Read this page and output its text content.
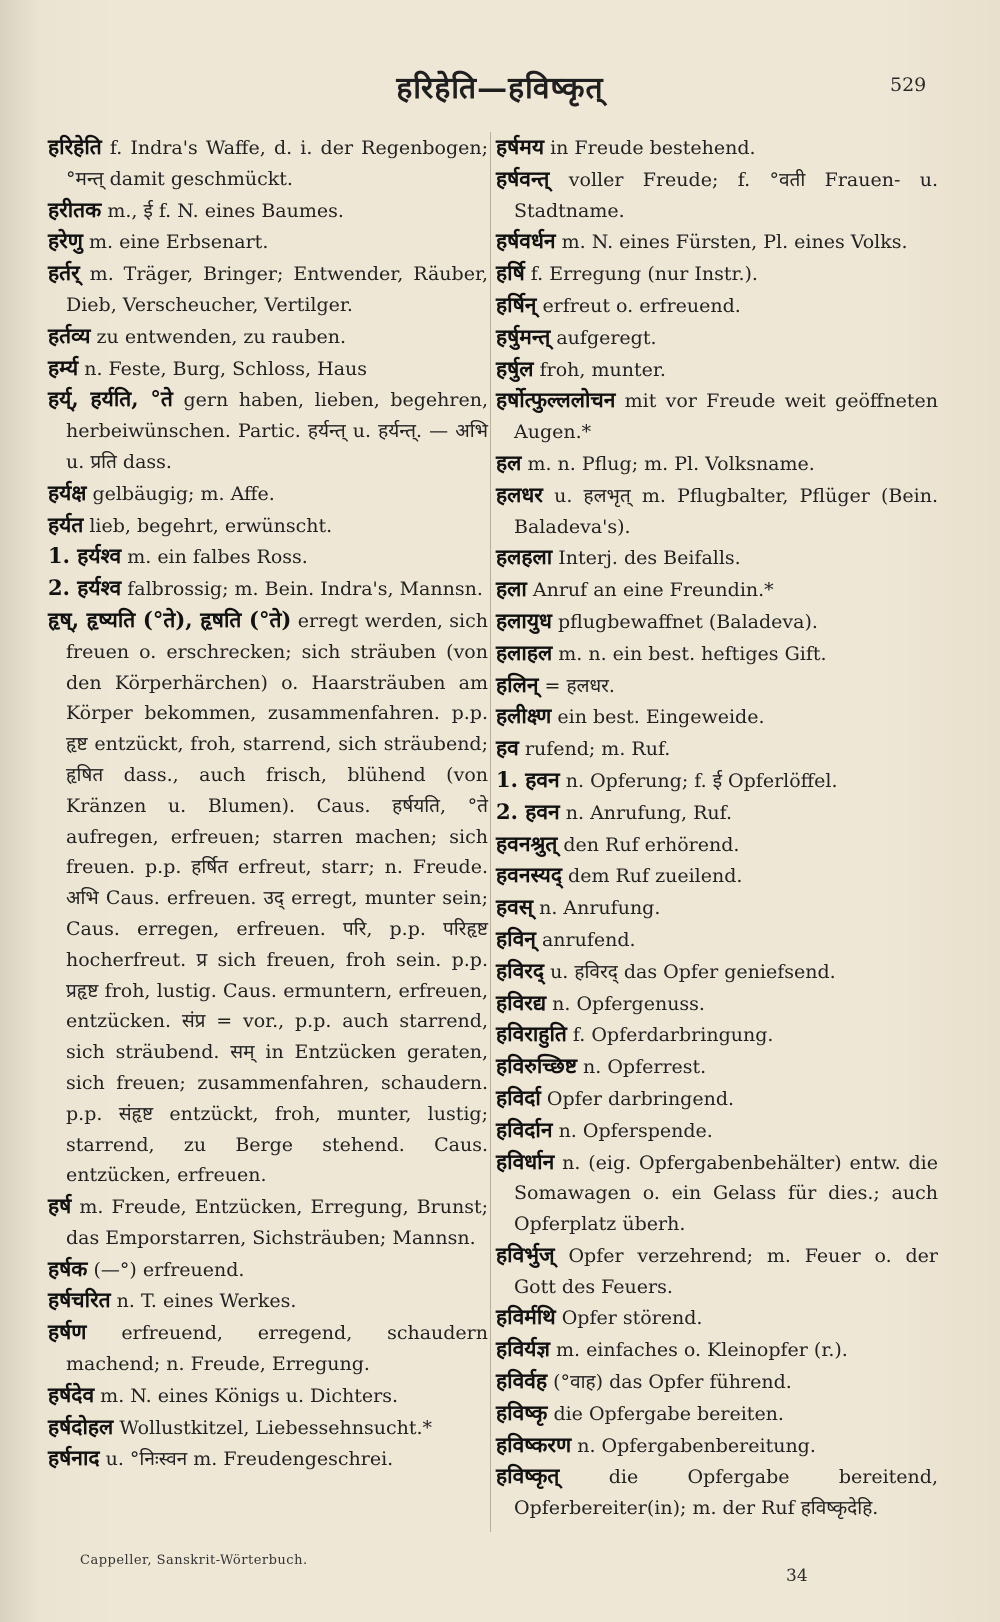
हरिहेति—हविष्कृत्	529

हरिहेति f. Indra's Waffe, d. i. der Regenbogen; °मन्त् damit geschmückt.

हरीतक m., ई f. N. eines Baumes.

हरेणु m. eine Erbsenart.

हर्तर् m. Träger, Bringer; Entwender, Räuber, Dieb, Verscheucher, Vertilger.

हर्तव्य zu entwenden, zu rauben.

हर्म्य n. Feste, Burg, Schloss, Haus

हर्य्, हर्यति, °ते gern haben, lieben, begehren, herbeiwünschen. Partic. हर्यन्त् u. हर्यन्त्. — अभि u. प्रति dass.

हर्यक्ष gelbäugig; m. Affe.

हर्यत lieb, begehrt, erwünscht.

1. हर्यश्व m. ein falbes Ross.

2. हर्यश्व falbrossig; m. Bein. Indra's, Mannsn.

हृष्, हृष्यति (°ते), हृषति (°ते) erregt werden, sich freuen o. erschrecken; sich sträuben (von den Körperhärchen) o. Haarsträuben am Körper bekommen, zusammenfahren. p.p. हृष्ट entzückt, froh, starrend, sich sträubend; हृषित dass., auch frisch, blühend (von Kränzen u. Blumen). Caus. हर्षयति, °ते aufregen, erfreuen; starren machen; sich freuen. p.p. हर्षित erfreut, starr; n. Freude. अभि Caus. erfreuen. उद् erregt, munter sein; Caus. erregen, erfreuen. परि, p.p. परिहृष्ट hocherfreut. प्र sich freuen, froh sein. p.p. प्रहृष्ट froh, lustig. Caus. ermuntern, erfreuen, entzücken. संप्र = vor., p.p. auch starrend, sich sträubend. सम् in Entzücken geraten, sich freuen; zusammenfahren, schaudern. p.p. संहृष्ट entzückt, froh, munter, lustig; starrend, zu Berge stehend. Caus. entzücken, erfreuen.

हर्ष m. Freude, Entzücken, Erregung, Brunst; das Emporstarren, Sichsträuben; Mannsn.

हर्षक (—°) erfreuend.

हर्षचरित n. T. eines Werkes.

हर्षण erfreuend, erregend, schaudern machend; n. Freude, Erregung.

हर्षदेव m. N. eines Königs u. Dichters.

हर्षदोहल Wollustkitzel, Liebessehnsucht.*

हर्षनाद u. °निःस्वन m. Freudengeschrei.

हर्षमय in Freude bestehend.

हर्षवन्त् voller Freude; f. °वती Frauen- u. Stadtname.

हर्षवर्धन m. N. eines Fürsten, Pl. eines Volks.

हर्षि f. Erregung (nur Instr.).

हर्षिन् erfreut o. erfreuend.

हर्षुमन्त् aufgeregt.

हर्षुल froh, munter.

हर्षोत्फुल्ललोचन mit vor Freude weit geöffneten Augen.*

हल m. n. Pflug; m. Pl. Volksname.

हलधर u. हलभृत् m. Pflugbalter, Pflüger (Bein. Baladeva's).

हलहला Interj. des Beifalls.

हला Anruf an eine Freundin.*

हलायुध pflugbewaffnet (Baladeva).

हलाहल m. n. ein best. heftiges Gift.

हलिन् = हलधर.

हलीक्ष्ण ein best. Eingeweide.

हव rufend; m. Ruf.

1. हवन n. Opferung; f. ई Opferlöffel.

2. हवन n. Anrufung, Ruf.

हवनश्रुत् den Ruf erhörend.

हवनस्यद् dem Ruf zueilend.

हवस् n. Anrufung.

हविन् anrufend.

हविरद् u. हविरद् das Opfer geniefsend.

हविरद्य n. Opfergenuss.

हविराहुति f. Opferdarbringung.

हविरुच्छिष्ट n. Opferrest.

हविर्दा Opfer darbringend.

हविर्दान n. Opferspende.

हविर्धान n. (eig. Opfergabenbehälter) entw. die Somawagen o. ein Gelass für dies.; auch Opferplatz überh.

हविर्भुज् Opfer verzehrend; m. Feuer o. der Gott des Feuers.

हविर्मथि Opfer störend.

हविर्यज्ञ m. einfaches o. Kleinopfer (r.).

हविर्वह (°वाह) das Opfer führend.

हविष्कृ die Opfergabe bereiten.

हविष्करण n. Opfergabenbereitung.

हविष्कृत्	die Opfergabe bereitend, Opferbereiter(in); m. der Ruf हविष्कृदेहि.

Cappeller, Sanskrit-Wörterbuch.
34
